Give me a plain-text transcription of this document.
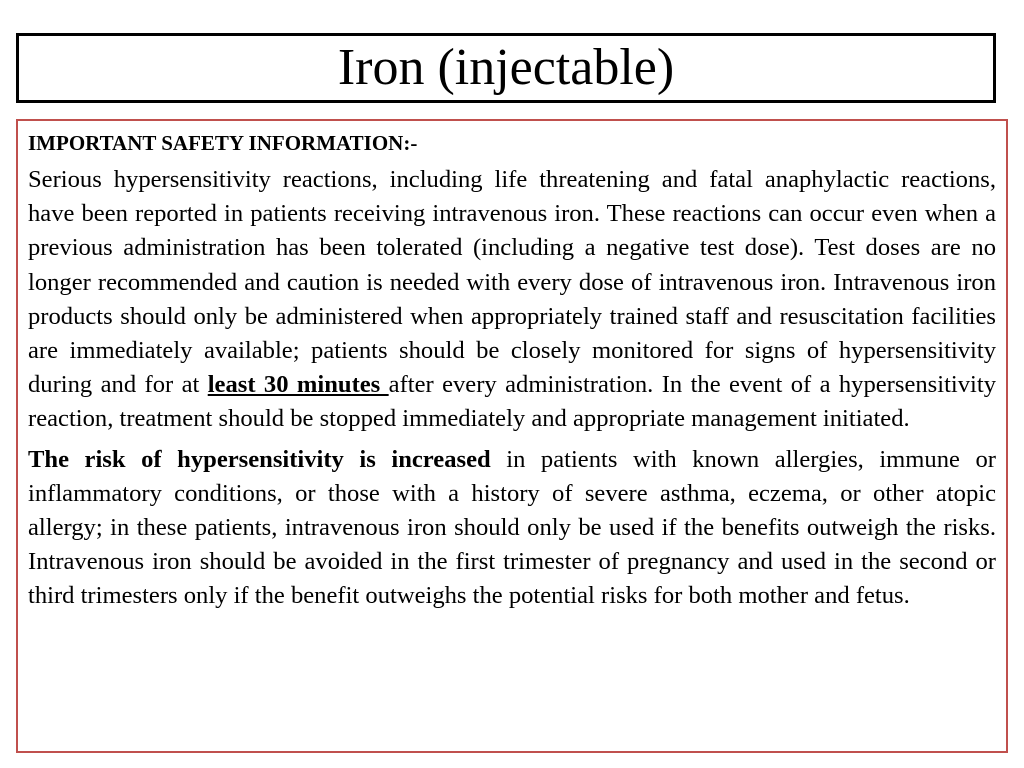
Iron (injectable)

IMPORTANT SAFETY INFORMATION:-

Serious hypersensitivity reactions, including life threatening and fatal anaphylactic reactions, have been reported in patients receiving intravenous iron. These reactions can occur even when a previous administration has been tolerated (including a negative test dose). Test doses are no longer recommended and caution is needed with every dose of intravenous iron. Intravenous iron products should only be administered when appropriately trained staff and resuscitation facilities are immediately available; patients should be closely monitored for signs of hypersensitivity during and for at least 30 minutes after every administration. In the event of a hypersensitivity reaction, treatment should be stopped immediately and appropriate management initiated.

The risk of hypersensitivity is increased in patients with known allergies, immune or inflammatory conditions, or those with a history of severe asthma, eczema, or other atopic allergy; in these patients, intravenous iron should only be used if the benefits outweigh the risks. Intravenous iron should be avoided in the first trimester of pregnancy and used in the second or third trimesters only if the benefit outweighs the potential risks for both mother and fetus.
